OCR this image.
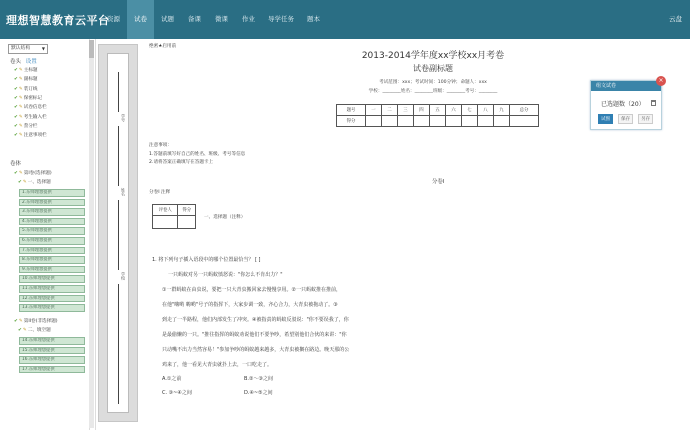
理想智慧教育云平台
资源	试卷	试题	备课	微课	作业	导学任务	题本	云盘
默认结构	▼
卷头 设置
✔✎主标题
✔✎副标题
✔✎装订线
✔✎保密标记
✔✎试卷信息栏
✔✎考生输入栏
✔✎誊分栏
✔✎注意事项栏
卷体
✔✎第I卷(选择题)
✔✎一、选择题
1.东师理想提供
2.东师理想提供
3.东师理想提供
4.东师理想提供
5.东师理想提供
6.东师理想提供
7.东师理想提供
8.东师理想提供
9.东师理想提供
10.东师理想提供
11.东师理想提供
12.东师理想提供
13.东师理想提供
✔✎第II卷(非选择题)
✔✎二、填空题
14.东师理想提供
15.东师理想提供
16.东师理想提供
17.东师理想提供
学号
姓名
学校
绝密★启用前
2013-2014学年度xx学校xx月考卷
试卷副标题
考试范围：xxx；考试时间：100分钟；命题人：xxx
学校：________姓名：________班级：________考号：________
题号	一	二	三	四	五	六	七	八	九	总分
得分										
注意事项：
1.答题前填写好自己的姓名、班级、考号等信息
2.请将答案正确填写在答题卡上
分卷I
分卷I 注释
评卷人	得分

一、选择题（注释）
1. 将下列句子插入语段中的哪个位置最恰当？ [ ]
一只蚂蚁对另一只蚂蚁愤怒说："你怎么不肯出力？"
①一群蚂蚁在由虫说，要把一只大青虫搬回家去慢慢享用。②一只蚂蚁推在推前，
在他"嗨哟 嗨哟"号子的指挥下，大家步调一致，齐心合力，大青虫被拖动了。③
到走了一半路程，他们内部发生了冲突。④被指责的蚂蚁反驳说："你不要误我了，你
是最偷懒的一只。"推往指挥的蚂蚁劝说他们不要争吵，希望别他们合伙的来讲："你
只动嘴不出力当然容易！"参加争吵的蚂蚁越来越多，大青虫被搁在路边。晚天那的公
鸡来了，他一看见大青虫就扑上去，一口吃走了。
A.①之前	B.②～③之间
C. ③~④之间	D.④~⑤之间
组文试卷
×
已选题数（20）
试图	保存	另存
